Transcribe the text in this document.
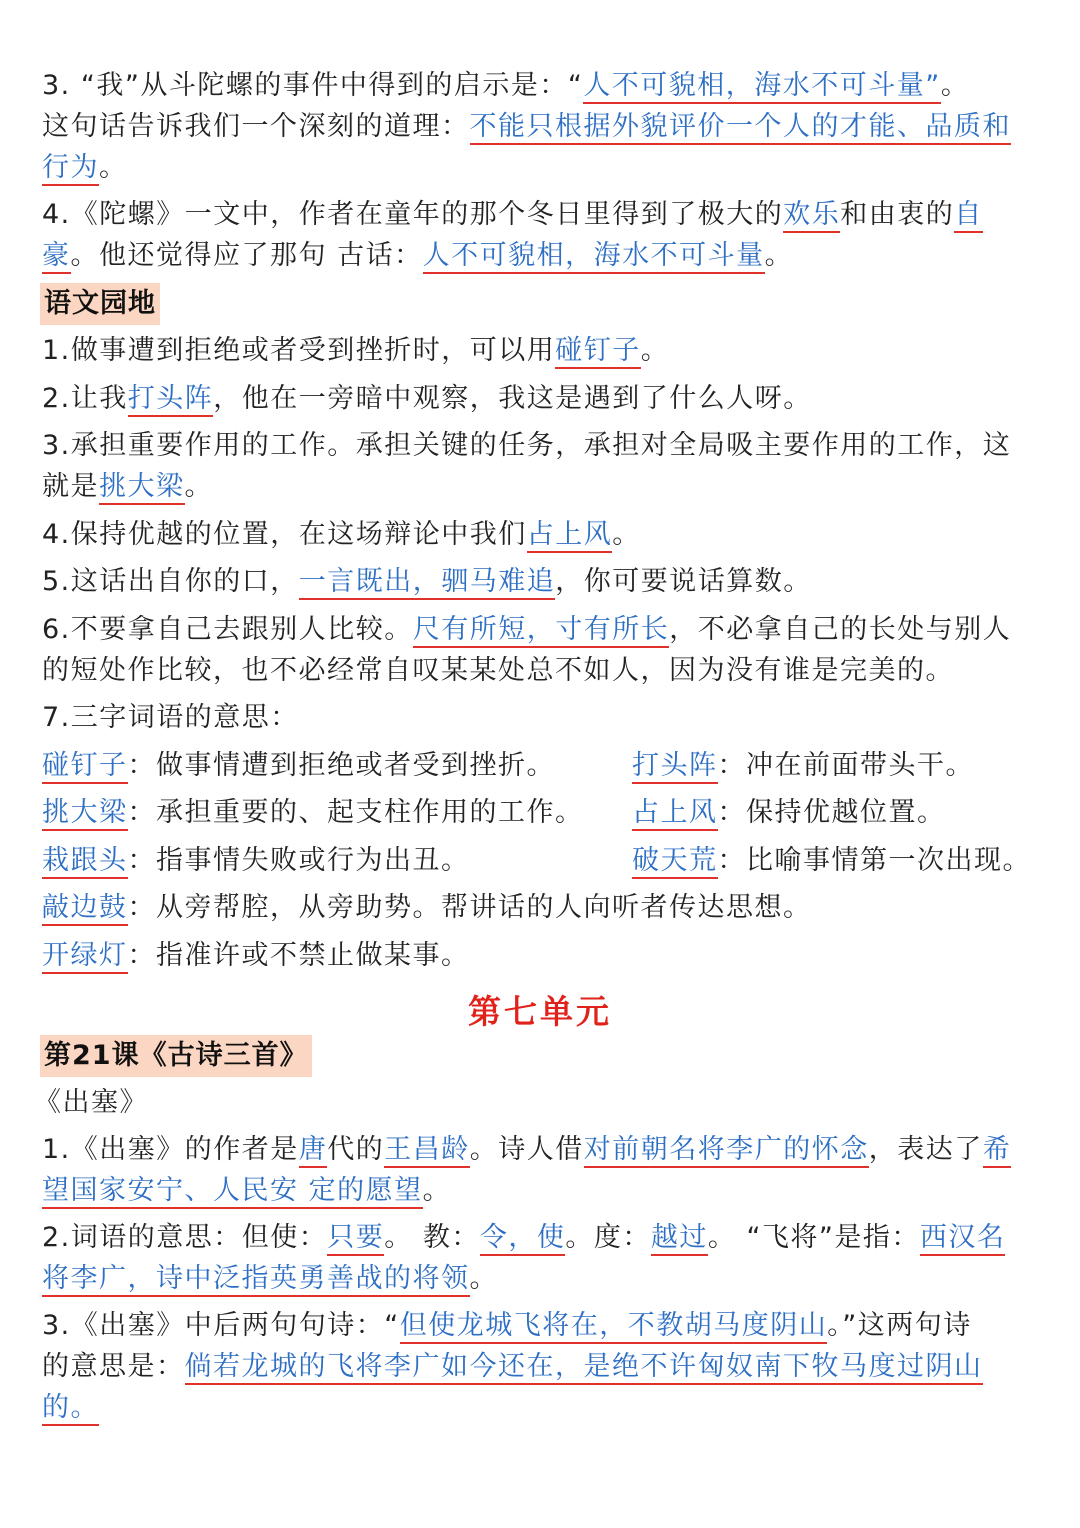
3. “我”从斗陀螺的事件中得到的启示是：“人不可貌相，海水不可斗量”。
这句话告诉我们一个深刻的道理：不能只根据外貌评价一个人的才能、品质和
行为。
4.《陀螺》一文中，作者在童年的那个冬日里得到了极大的欢乐和由衷的自
豪。他还觉得应了那句 古话：人不可貌相，海水不可斗量。
语文园地
1.做事遭到拒绝或者受到挫折时，可以用碰钉子。
2.让我打头阵，他在一旁暗中观察，我这是遇到了什么人呀。
3.承担重要作用的工作。承担关键的任务，承担对全局吸主要作用的工作，这
就是挑大梁。
4.保持优越的位置，在这场辩论中我们占上风。
5.这话出自你的口，一言既出，驷马难追，你可要说话算数。
6.不要拿自己去跟别人比较。尺有所短，寸有所长，不必拿自己的长处与别人
的短处作比较，也不必经常自叹某某处总不如人，因为没有谁是完美的。
7.三字词语的意思：
碰钉子：做事情遭到拒绝或者受到挫折。	打头阵：冲在前面带头干。
挑大梁：承担重要的、起支柱作用的工作。 占上风：保持优越位置。
栽跟头：指事情失败或行为出丑。	破天荒：比喻事情第一次出现。
敲边鼓：从旁帮腔，从旁助势。帮讲话的人向听者传达思想。
开绿灯：指准许或不禁止做某事。
第七单元
第21课《古诗三首》
《出塞》
1.《出塞》的作者是唐代的王昌龄。诗人借对前朝名将李广的怀念，表达了希
望国家安宁、人民安 定的愿望。
2.词语的意思：但使：只要。 教：令，使。度：越过。 “飞将”是指：西汉名
将李广，诗中泛指英勇善战的将领。
3.《出塞》中后两句句诗：“但使龙城飞将在，不教胡马度阴山。”这两句诗
的意思是：倘若龙城的飞将李广如今还在，是绝不许匈奴南下牧马度过阴山
的。
